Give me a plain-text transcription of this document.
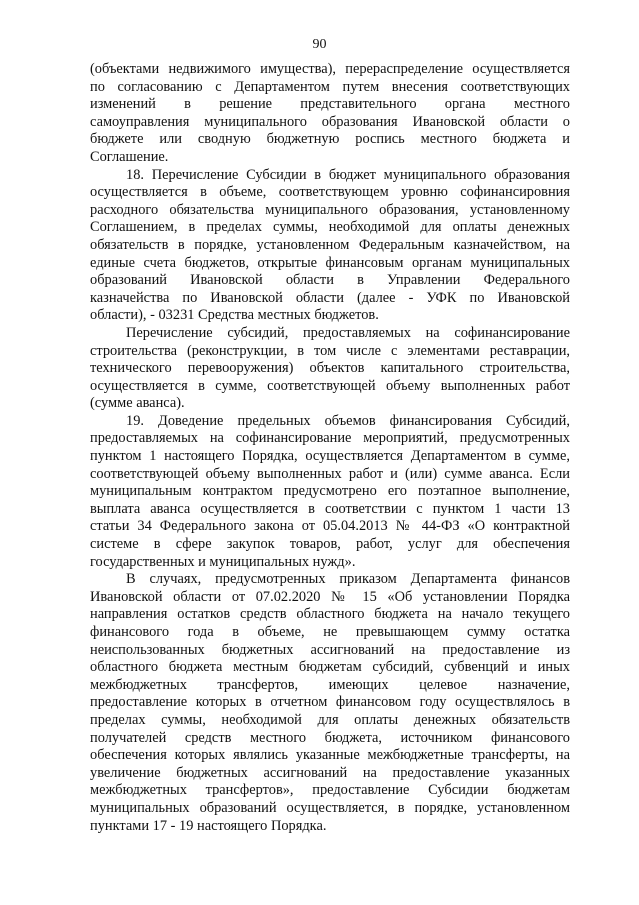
90
(объектами недвижимого имущества), перераспределение осуществляется
по согласованию с Департаментом путем внесения соответствующих
изменений в решение представительного органа местного
самоуправления муниципального образования Ивановской области о
бюджете или сводную бюджетную роспись местного бюджета и
Соглашение.
18. Перечисление Субсидии в бюджет муниципального образования
осуществляется в объеме, соответствующем уровню софинансировния
расходного обязательства муниципального образования, установленному
Соглашением, в пределах суммы, необходимой для оплаты денежных
обязательств в порядке, установленном Федеральным казначейством, на
единые счета бюджетов, открытые финансовым органам муниципальных
образований Ивановской области в Управлении Федерального
казначейства по Ивановской области (далее - УФК по Ивановской
области), - 03231 Средства местных бюджетов.
Перечисление субсидий, предоставляемых на софинансирование
строительства (реконструкции, в том числе с элементами реставрации,
технического перевооружения) объектов капитального строительства,
осуществляется в сумме, соответствующей объему выполненных работ
(сумме аванса).
19. Доведение предельных объемов финансирования Субсидий,
предоставляемых на софинансирование мероприятий, предусмотренных
пунктом 1 настоящего Порядка, осуществляется Департаментом в сумме,
соответствующей объему выполненных работ и (или) сумме аванса. Если
муниципальным контрактом предусмотрено его поэтапное выполнение,
выплата аванса осуществляется в соответствии с пунктом 1 части 13
статьи 34 Федерального закона от 05.04.2013 № 44-ФЗ «О контрактной
системе в сфере закупок товаров, работ, услуг для обеспечения
государственных и муниципальных нужд».
В случаях, предусмотренных приказом Департамента финансов
Ивановской области от 07.02.2020 № 15 «Об установлении Порядка
направления остатков средств областного бюджета на начало текущего
финансового года в объеме, не превышающем сумму остатка
неиспользованных бюджетных ассигнований на предоставление из
областного бюджета местным бюджетам субсидий, субвенций и иных
межбюджетных трансфертов, имеющих целевое назначение,
предоставление которых в отчетном финансовом году осуществлялось в
пределах суммы, необходимой для оплаты денежных обязательств
получателей средств местного бюджета, источником финансового
обеспечения которых являлись указанные межбюджетные трансферты, на
увеличение бюджетных ассигнований на предоставление указанных
межбюджетных трансфертов», предоставление Субсидии бюджетам
муниципальных образований осуществляется, в порядке, установленном
пунктами 17 - 19 настоящего Порядка.
